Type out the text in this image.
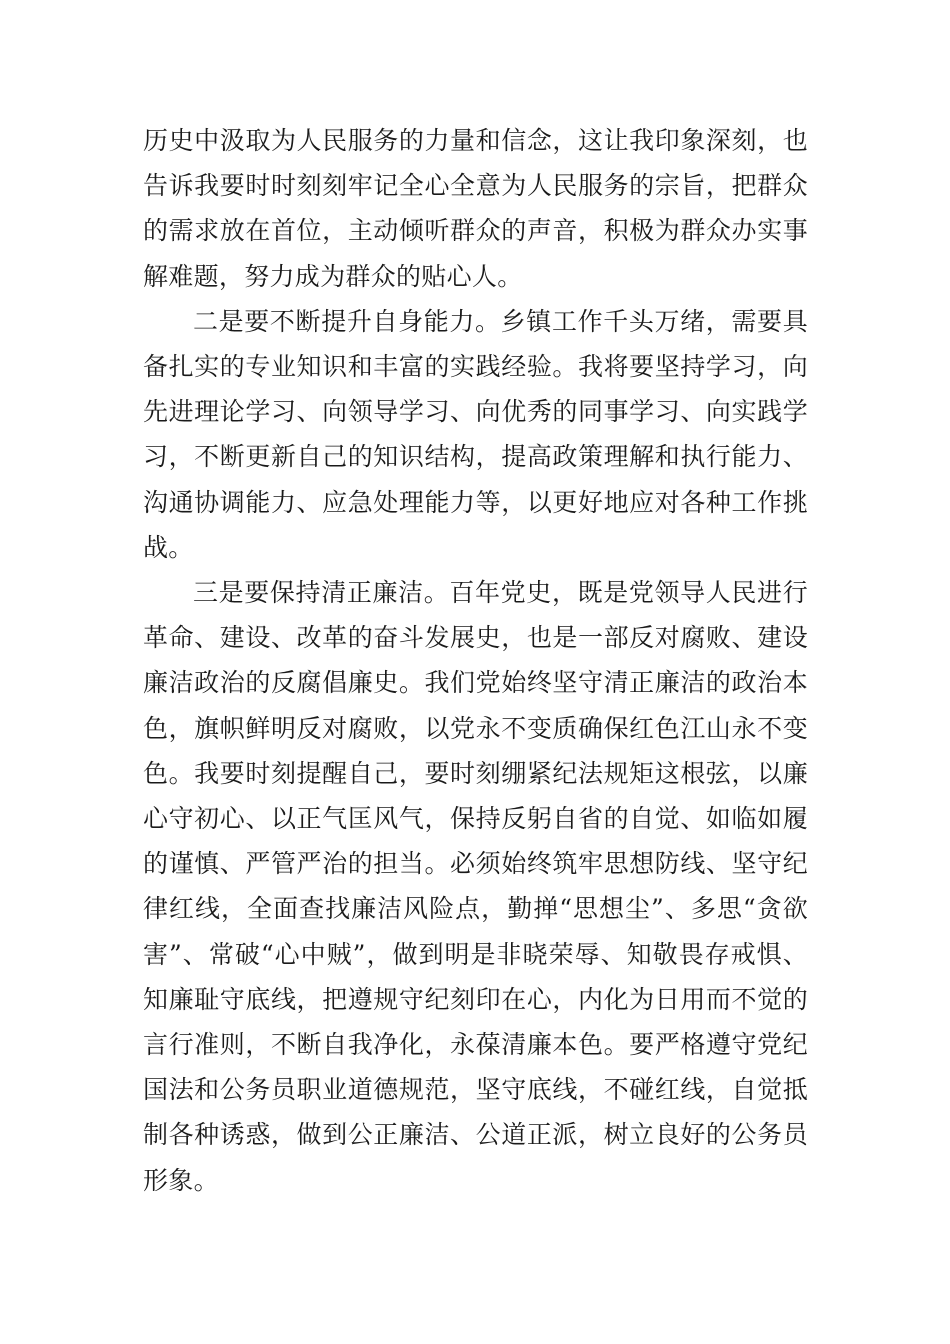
历史中汲取为人民服务的力量和信念，这让我印象深刻，也告诉我要时时刻刻牢记全心全意为人民服务的宗旨，把群众的需求放在首位，主动倾听群众的声音，积极为群众办实事解难题，努力成为群众的贴心人。

二是要不断提升自身能力。乡镇工作千头万绪，需要具备扎实的专业知识和丰富的实践经验。我将要坚持学习，向先进理论学习、向领导学习、向优秀的同事学习、向实践学习，不断更新自己的知识结构，提高政策理解和执行能力、沟通协调能力、应急处理能力等，以更好地应对各种工作挑战。

三是要保持清正廉洁。百年党史，既是党领导人民进行革命、建设、改革的奋斗发展史，也是一部反对腐败、建设廉洁政治的反腐倡廉史。我们党始终坚守清正廉洁的政治本色，旗帜鲜明反对腐败，以党永不变质确保红色江山永不变色。我要时刻提醒自己，要时刻绷紧纪法规矩这根弦，以廉心守初心、以正气匡风气，保持反躬自省的自觉、如临如履的谨慎、严管严治的担当。必须始终筑牢思想防线、坚守纪律红线，全面查找廉洁风险点，勤掸“思想尘”、多思“贪欲害”、常破“心中贼”，做到明是非晓荣辱、知敬畏存戒惧、知廉耻守底线，把遵规守纪刻印在心，内化为日用而不觉的言行准则，不断自我净化，永葆清廉本色。要严格遵守党纪国法和公务员职业道德规范，坚守底线，不碰红线，自觉抵制各种诱惑，做到公正廉洁、公道正派，树立良好的公务员形象。
